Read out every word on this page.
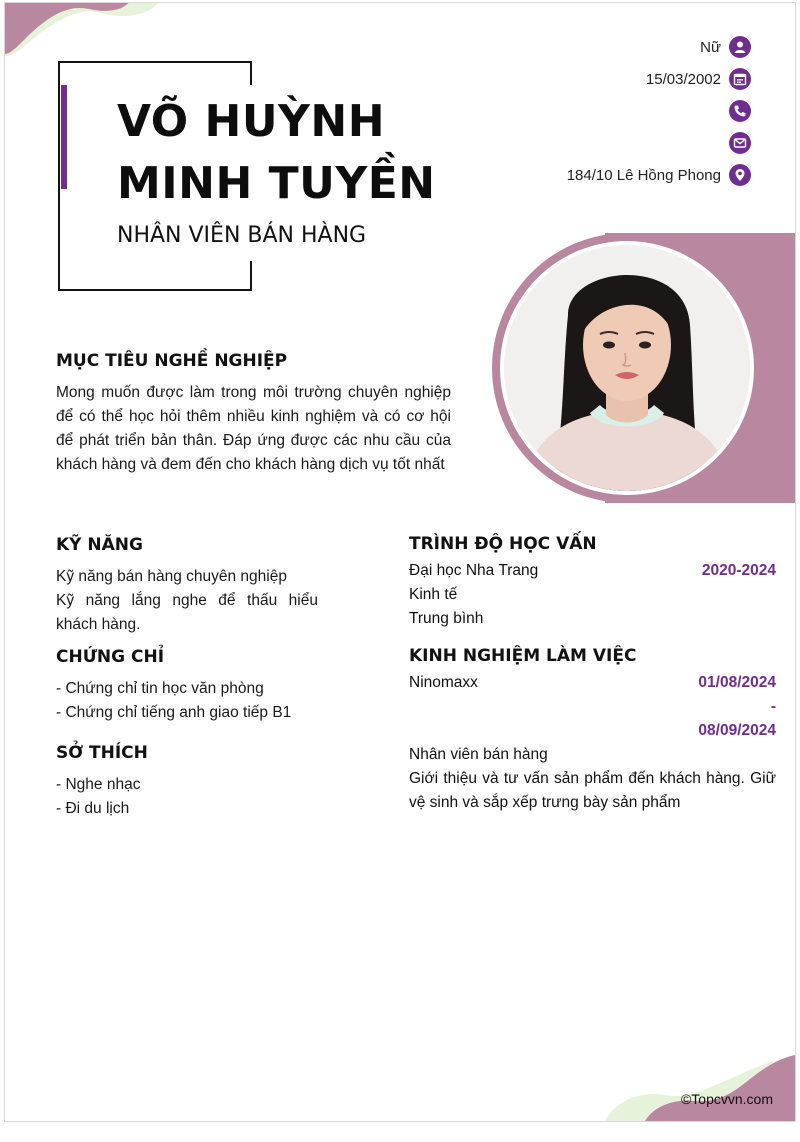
VÕ HUỲNH
MINH TUYỀN
NHÂN VIÊN BÁN HÀNG
Nữ
15/03/2002
184/10 Lê Hồng Phong
MỤC TIÊU NGHỀ NGHIỆP
Mong muốn được làm trong môi trường chuyên nghiệp để có thể học hỏi thêm nhiều kinh nghiệm và có cơ hội để phát triển bản thân. Đáp ứng được các nhu cầu của khách hàng và đem đến cho khách hàng dịch vụ tốt nhất
KỸ NĂNG
Kỹ năng bán hàng chuyên nghiệp
Kỹ năng lắng nghe để thấu hiểu khách hàng.
CHỨNG CHỈ
- Chứng chỉ tin học văn phòng
- Chứng chỉ tiếng anh giao tiếp B1
SỞ THÍCH
- Nghe nhạc
- Đi du lịch
TRÌNH ĐỘ HỌC VẤN
Đại học Nha Trang	2020-2024
Kinh tế
Trung bình
KINH NGHIỆM LÀM VIỆC
Ninomaxx	01/08/2024
-
08/09/2024
Nhân viên bán hàng
Giới thiệu và tư vấn sản phẩm đến khách hàng. Giữ vệ sinh và sắp xếp trưng bày sản phẩm
©Topcvvn.com
